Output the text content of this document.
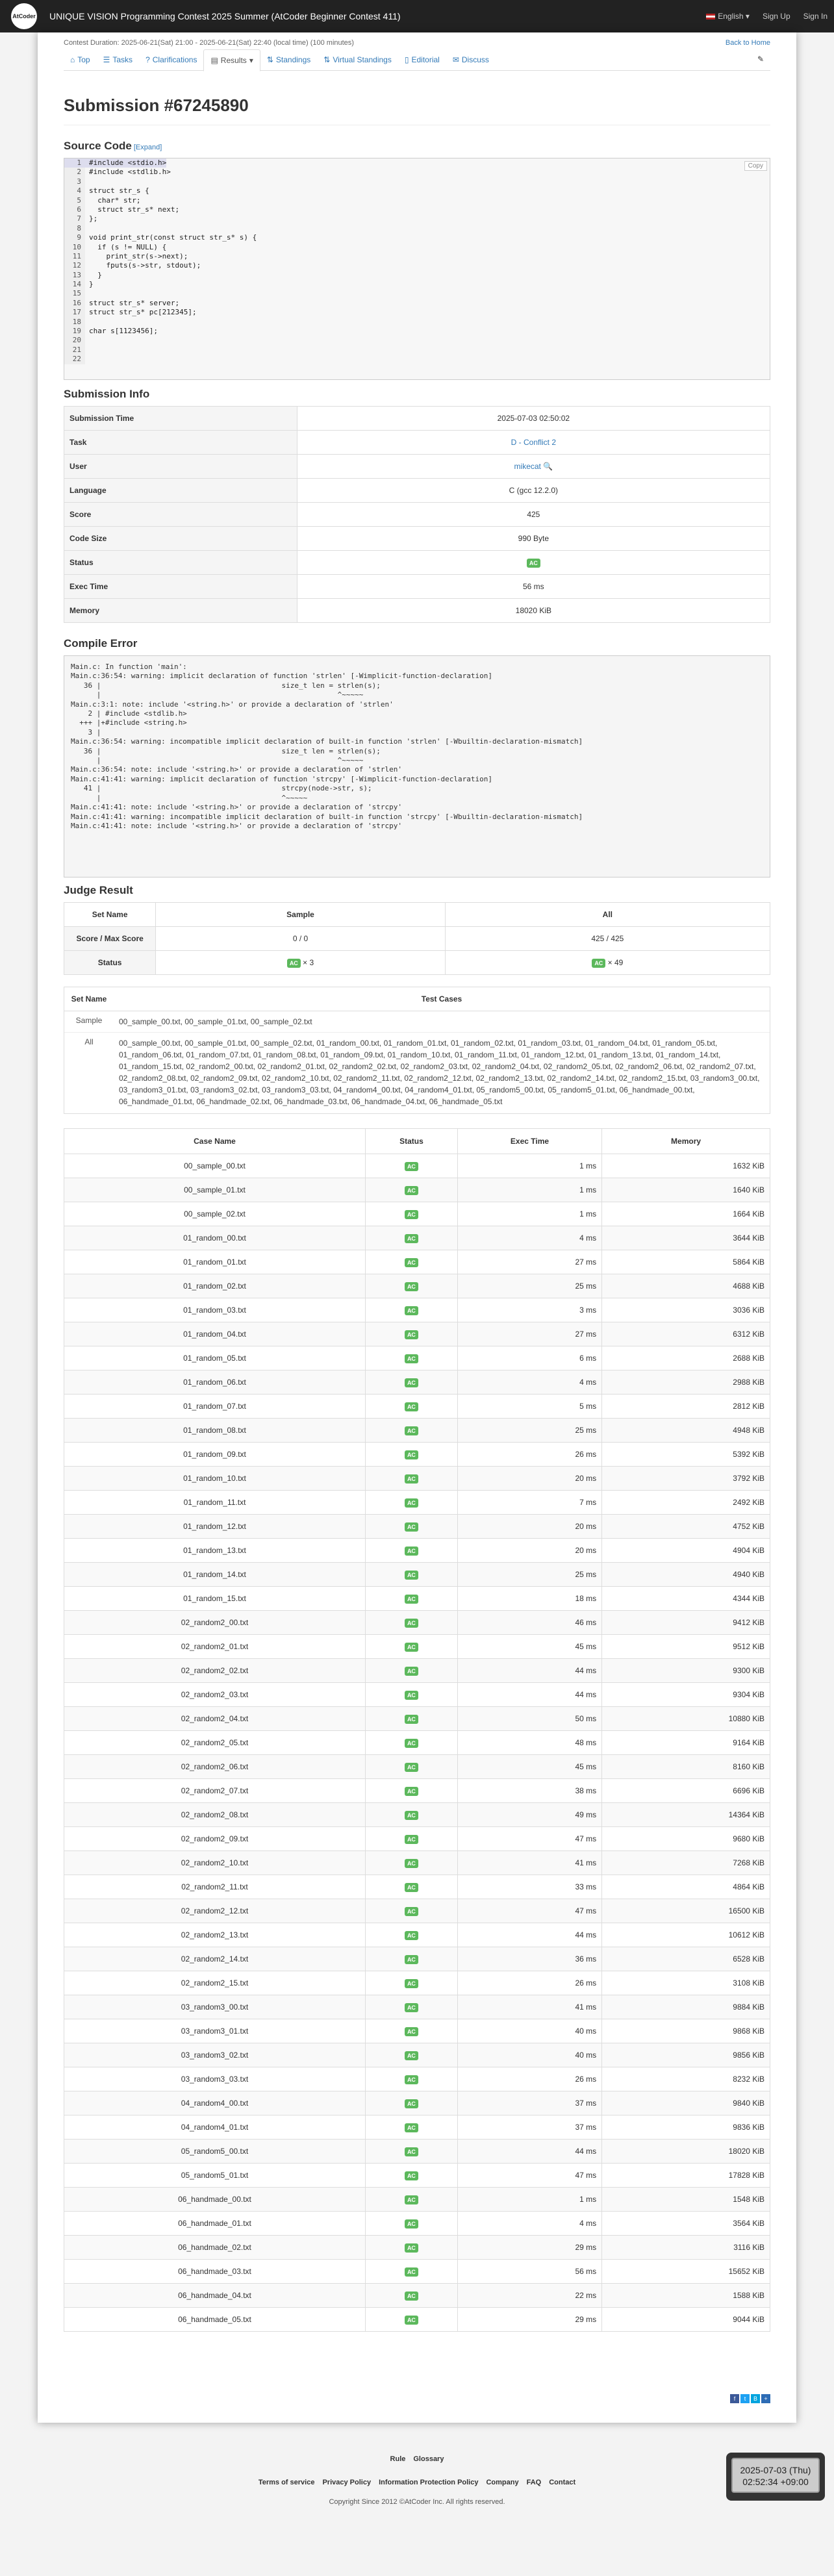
AtCoder UNIQUE VISION Programming Contest 2025 Summer (AtCoder Beginner Contest 411)	English ▾ Sign Up Sign In
Contest Duration: 2025-06-21(Sat) 21:00 - 2025-06-21(Sat) 22:40 (local time) (100 minutes)	Back to Home
⌂ Top ☰ Tasks ? Clarifications ▤ Results ▾ ⇅ Standings ⇅ Virtual Standings ▯ Editorial ✉ Discuss	✎
Submission #67245890
Source Code [Expand]
Copy
1	#include <stdio.h>
2	#include <stdlib.h>
3
4	struct str_s {
5	char* str;
6	struct str_s* next;
7	};
8
9	void print_str(const struct str_s* s) {
10	if (s != NULL) {
11	print_str(s->next);
12	fputs(s->str, stdout);
13	}
14	}
15
16	struct str_s* server;
17	struct str_s* pc[212345];
18
19	char s[1123456];
20
21
22
Submission Info
Submission Time	2025-07-03 02:50:02
Task	D - Conflict 2
User	mikecat 🔍
Language	C (gcc 12.2.0)
Score	425
Code Size	990 Byte
Status	AC
Exec Time	56 ms
Memory	18020 KiB
Compile Error
Main.c: In function 'main':
Main.c:36:54: warning: implicit declaration of function 'strlen' [-Wimplicit-function-declaration]
36 |                                          size_t len = strlen(s);
|                                                       ^~~~~~
Main.c:3:1: note: include '<string.h>' or provide a declaration of 'strlen'
2 | #include <stdlib.h>
+++ |+#include <string.h>
3 |
Main.c:36:54: warning: incompatible implicit declaration of built-in function 'strlen' [-Wbuiltin-declaration-mismatch]
36 |                                          size_t len = strlen(s);
|                                                       ^~~~~~
Main.c:36:54: note: include '<string.h>' or provide a declaration of 'strlen'
Main.c:41:41: warning: implicit declaration of function 'strcpy' [-Wimplicit-function-declaration]
41 |                                          strcpy(node->str, s);
|                                          ^~~~~~
Main.c:41:41: note: include '<string.h>' or provide a declaration of 'strcpy'
Main.c:41:41: warning: incompatible implicit declaration of built-in function 'strcpy' [-Wbuiltin-declaration-mismatch]
Main.c:41:41: note: include '<string.h>' or provide a declaration of 'strcpy'
Judge Result
Set Name	Sample	All
Score / Max Score	0 / 0	425 / 425
Status	AC × 3	AC × 49
Set Name	Test Cases
Sample	00_sample_00.txt, 00_sample_01.txt, 00_sample_02.txt
All	00_sample_00.txt, 00_sample_01.txt, 00_sample_02.txt, 01_random_00.txt, 01_random_01.txt, 01_random_02.txt, 01_random_03.txt, 01_random_04.txt, 01_random_05.txt, 01_random_06.txt, 01_random_07.txt, 01_random_08.txt, 01_random_09.txt, 01_random_10.txt, 01_random_11.txt, 01_random_12.txt, 01_random_13.txt, 01_random_14.txt, 01_random_15.txt, 02_random2_00.txt, 02_random2_01.txt, 02_random2_02.txt, 02_random2_03.txt, 02_random2_04.txt, 02_random2_05.txt, 02_random2_06.txt, 02_random2_07.txt, 02_random2_08.txt, 02_random2_09.txt, 02_random2_10.txt, 02_random2_11.txt, 02_random2_12.txt, 02_random2_13.txt, 02_random2_14.txt, 02_random2_15.txt, 03_random3_00.txt, 03_random3_01.txt, 03_random3_02.txt, 03_random3_03.txt, 04_random4_00.txt, 04_random4_01.txt, 05_random5_00.txt, 05_random5_01.txt, 06_handmade_00.txt, 06_handmade_01.txt, 06_handmade_02.txt, 06_handmade_03.txt, 06_handmade_04.txt, 06_handmade_05.txt
Case Name	Status	Exec Time	Memory
00_sample_00.txt	AC	1 ms	1632 KiB
00_sample_01.txt	AC	1 ms	1640 KiB
00_sample_02.txt	AC	1 ms	1664 KiB
01_random_00.txt	AC	4 ms	3644 KiB
01_random_01.txt	AC	27 ms	5864 KiB
01_random_02.txt	AC	25 ms	4688 KiB
01_random_03.txt	AC	3 ms	3036 KiB
01_random_04.txt	AC	27 ms	6312 KiB
01_random_05.txt	AC	6 ms	2688 KiB
01_random_06.txt	AC	4 ms	2988 KiB
01_random_07.txt	AC	5 ms	2812 KiB
01_random_08.txt	AC	25 ms	4948 KiB
01_random_09.txt	AC	26 ms	5392 KiB
01_random_10.txt	AC	20 ms	3792 KiB
01_random_11.txt	AC	7 ms	2492 KiB
01_random_12.txt	AC	20 ms	4752 KiB
01_random_13.txt	AC	20 ms	4904 KiB
01_random_14.txt	AC	25 ms	4940 KiB
01_random_15.txt	AC	18 ms	4344 KiB
02_random2_00.txt	AC	46 ms	9412 KiB
02_random2_01.txt	AC	45 ms	9512 KiB
02_random2_02.txt	AC	44 ms	9300 KiB
02_random2_03.txt	AC	44 ms	9304 KiB
02_random2_04.txt	AC	50 ms	10880 KiB
02_random2_05.txt	AC	48 ms	9164 KiB
02_random2_06.txt	AC	45 ms	8160 KiB
02_random2_07.txt	AC	38 ms	6696 KiB
02_random2_08.txt	AC	49 ms	14364 KiB
02_random2_09.txt	AC	47 ms	9680 KiB
02_random2_10.txt	AC	41 ms	7268 KiB
02_random2_11.txt	AC	33 ms	4864 KiB
02_random2_12.txt	AC	47 ms	16500 KiB
02_random2_13.txt	AC	44 ms	10612 KiB
02_random2_14.txt	AC	36 ms	6528 KiB
02_random2_15.txt	AC	26 ms	3108 KiB
03_random3_00.txt	AC	41 ms	9884 KiB
03_random3_01.txt	AC	40 ms	9868 KiB
03_random3_02.txt	AC	40 ms	9856 KiB
03_random3_03.txt	AC	26 ms	8232 KiB
04_random4_00.txt	AC	37 ms	9840 KiB
04_random4_01.txt	AC	37 ms	9836 KiB
05_random5_00.txt	AC	44 ms	18020 KiB
05_random5_01.txt	AC	47 ms	17828 KiB
06_handmade_00.txt	AC	1 ms	1548 KiB
06_handmade_01.txt	AC	4 ms	3564 KiB
06_handmade_02.txt	AC	29 ms	3116 KiB
06_handmade_03.txt	AC	56 ms	15652 KiB
06_handmade_04.txt	AC	22 ms	1588 KiB
06_handmade_05.txt	AC	29 ms	9044 KiB
f	t	B	+
Rule Glossary
Terms of service Privacy Policy Information Protection Policy Company FAQ Contact
Copyright Since 2012 ©AtCoder Inc. All rights reserved.
2025-07-03 (Thu)
02:52:34 +09:00
